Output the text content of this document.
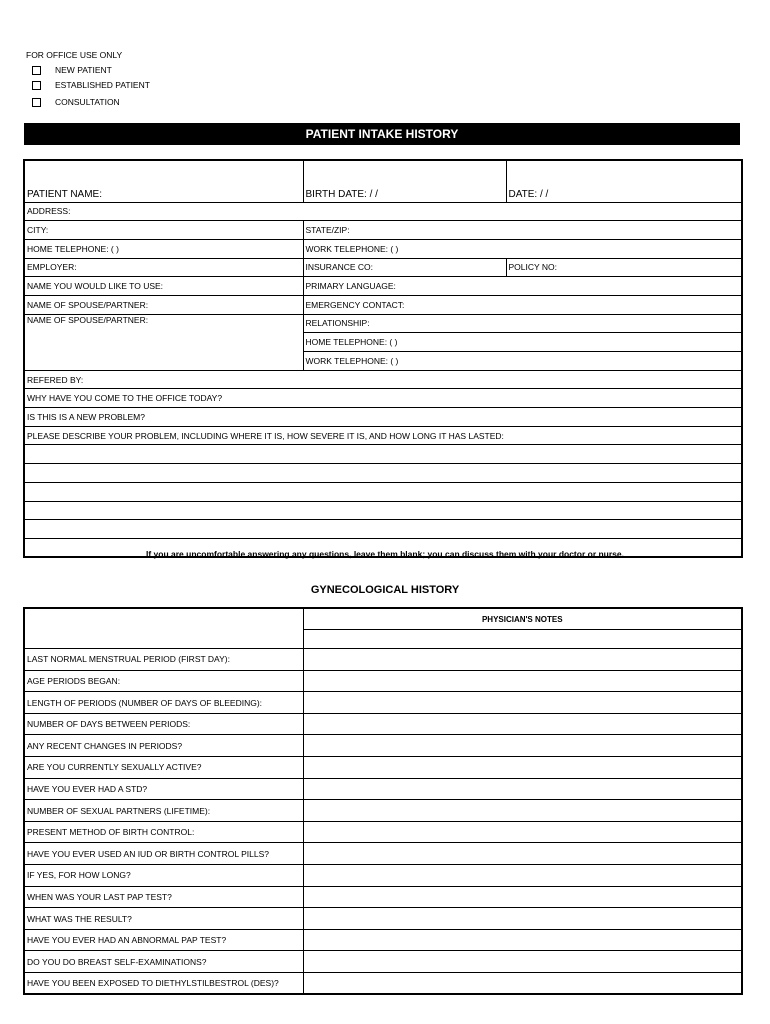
FOR OFFICE USE ONLY
NEW PATIENT
ESTABLISHED PATIENT
CONSULTATION
PATIENT INTAKE HISTORY
PATIENT NAME:	BIRTH DATE: / /	DATE: / /
ADDRESS:		
CITY:	STATE/ZIP:	
HOME TELEPHONE: ( )	WORK TELEPHONE: ( )	
EMPLOYER:	INSURANCE CO:	POLICY NO:
NAME YOU WOULD LIKE TO USE:	PRIMARY LANGUAGE:	
NAME OF SPOUSE/PARTNER:	EMERGENCY CONTACT:	
NAME OF SPOUSE/PARTNER:	RELATIONSHIP:	
	HOME TELEPHONE: ( )	
	WORK TELEPHONE: ( )	
REFERED BY:		
WHY HAVE YOU COME TO THE OFFICE TODAY?		
IS THIS IS A NEW PROBLEM?		
PLEASE DESCRIBE YOUR PROBLEM, INCLUDING WHERE IT IS, HOW SEVERE IT IS, AND HOW LONG IT HAS LASTED:		

If you are uncomfortable answering any questions, leave them blank; you can discuss them with your doctor or nurse.
GYNECOLOGICAL HISTORY
	PHYSICIAN'S NOTES

LAST NORMAL MENSTRUAL PERIOD (FIRST DAY):	
AGE PERIODS BEGAN:	
LENGTH OF PERIODS (NUMBER OF DAYS OF BLEEDING):	
NUMBER OF DAYS BETWEEN PERIODS:	
ANY RECENT CHANGES IN PERIODS?	
ARE YOU CURRENTLY SEXUALLY ACTIVE?	
HAVE YOU EVER HAD A STD?	
NUMBER OF SEXUAL PARTNERS (LIFETIME):	
PRESENT METHOD OF BIRTH CONTROL:	
HAVE YOU EVER USED AN IUD OR BIRTH CONTROL PILLS?	
IF YES, FOR HOW LONG?	
WHEN WAS YOUR LAST PAP TEST?	
WHAT WAS THE RESULT?	
HAVE YOU EVER HAD AN ABNORMAL PAP TEST?	
DO YOU DO BREAST SELF-EXAMINATIONS?	
HAVE YOU BEEN EXPOSED TO DIETHYLSTILBESTROL (DES)?	
